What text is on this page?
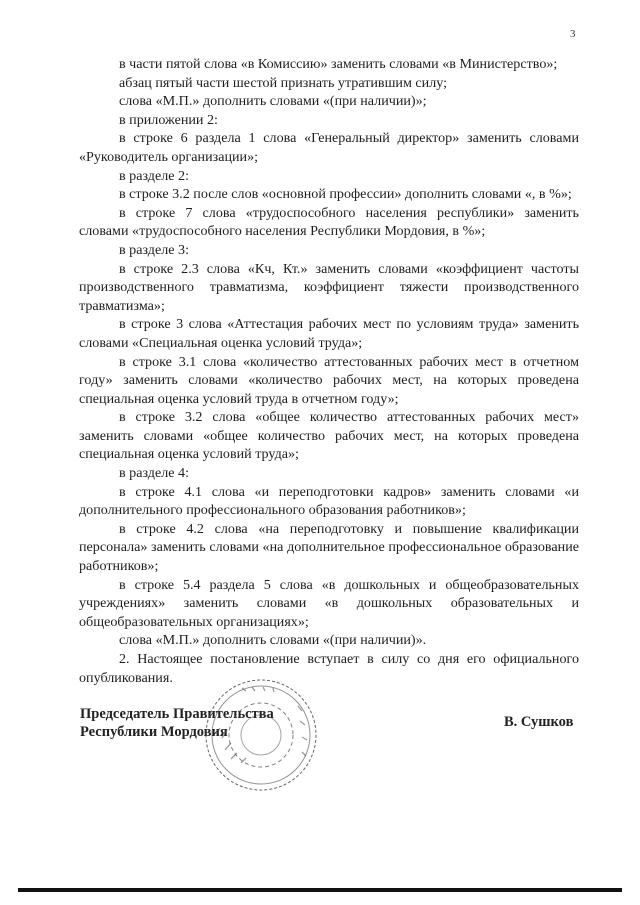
3

в части пятой слова «в Комиссию» заменить словами «в Министерство»;

абзац пятый части шестой признать утратившим силу;

слова «М.П.» дополнить словами «(при наличии)»;

в приложении 2:

в строке 6 раздела 1 слова «Генеральный директор» заменить словами «Руководитель организации»;

в разделе 2:

в строке 3.2 после слов «основной профессии» дополнить словами «, в %»;

в строке 7 слова «трудоспособного населения республики» заменить словами «трудоспособного населения Республики Мордовия, в %»;

в разделе 3:

в строке 2.3 слова «Кч, Кт.» заменить словами «коэффициент частоты производственного травматизма, коэффициент тяжести производственного травматизма»;

в строке 3 слова «Аттестация рабочих мест по условиям труда» заменить словами «Специальная оценка условий труда»;

в строке 3.1 слова «количество аттестованных рабочих мест в отчетном году» заменить словами «количество рабочих мест, на которых проведена специальная оценка условий труда в отчетном году»;

в строке 3.2 слова «общее количество аттестованных рабочих мест» заменить словами «общее количество рабочих мест, на которых проведена специальная оценка условий труда»;

в разделе 4:

в строке 4.1 слова «и переподготовки кадров» заменить словами «и дополнительного профессионального образования работников»;

в строке 4.2 слова «на переподготовку и повышение квалификации персонала» заменить словами «на дополнительное профессиональное образование работников»;

в строке 5.4 раздела 5 слова «в дошкольных и общеобразовательных учреждениях» заменить словами «в дошкольных образовательных и общеобразовательных организациях»;

слова «М.П.» дополнить словами «(при наличии)».

2. Настоящее постановление вступает в силу со дня его официального опубликования.

Председатель Правительства
Республики Мордовия
В. Сушков
